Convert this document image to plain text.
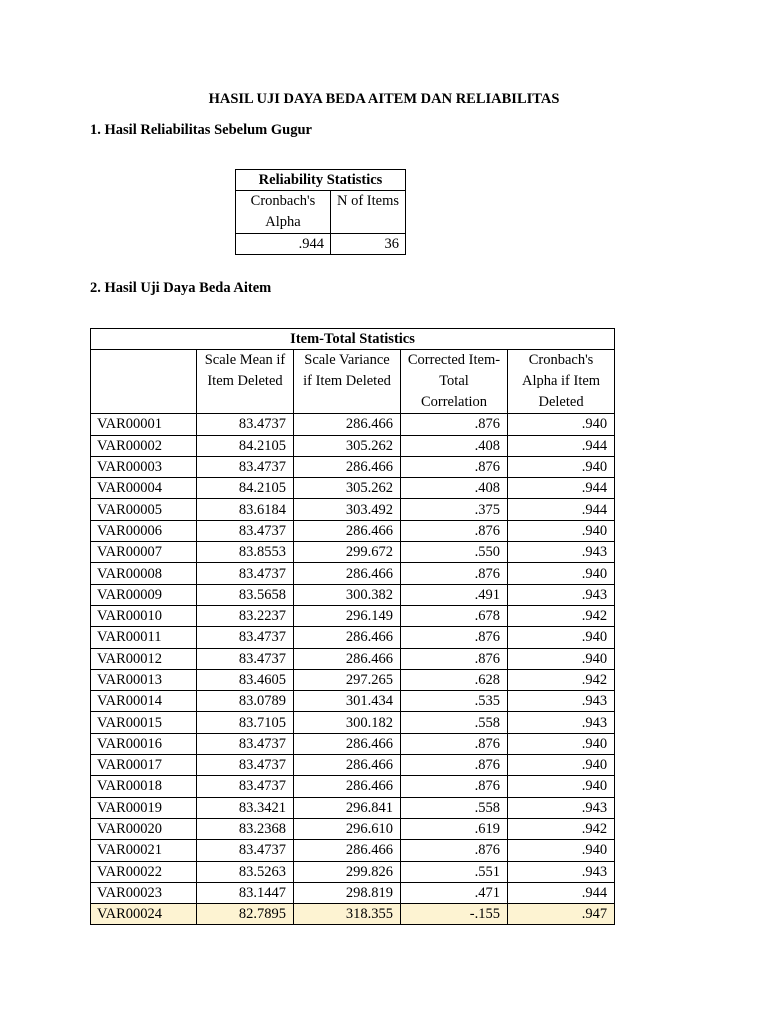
HASIL UJI DAYA BEDA AITEM DAN RELIABILITAS
1. Hasil Reliabilitas Sebelum Gugur
Reliability Statistics	
Cronbach's Alpha	N of Items
.944	36
2. Hasil Uji Daya Beda Aitem
Item-Total Statistics				
	Scale Mean if Item Deleted	Scale Variance if Item Deleted	Corrected Item-Total Correlation	Cronbach's Alpha if Item Deleted
VAR00001	83.4737	286.466	.876	.940
VAR00002	84.2105	305.262	.408	.944
VAR00003	83.4737	286.466	.876	.940
VAR00004	84.2105	305.262	.408	.944
VAR00005	83.6184	303.492	.375	.944
VAR00006	83.4737	286.466	.876	.940
VAR00007	83.8553	299.672	.550	.943
VAR00008	83.4737	286.466	.876	.940
VAR00009	83.5658	300.382	.491	.943
VAR00010	83.2237	296.149	.678	.942
VAR00011	83.4737	286.466	.876	.940
VAR00012	83.4737	286.466	.876	.940
VAR00013	83.4605	297.265	.628	.942
VAR00014	83.0789	301.434	.535	.943
VAR00015	83.7105	300.182	.558	.943
VAR00016	83.4737	286.466	.876	.940
VAR00017	83.4737	286.466	.876	.940
VAR00018	83.4737	286.466	.876	.940
VAR00019	83.3421	296.841	.558	.943
VAR00020	83.2368	296.610	.619	.942
VAR00021	83.4737	286.466	.876	.940
VAR00022	83.5263	299.826	.551	.943
VAR00023	83.1447	298.819	.471	.944
VAR00024	82.7895	318.355	-.155	.947
